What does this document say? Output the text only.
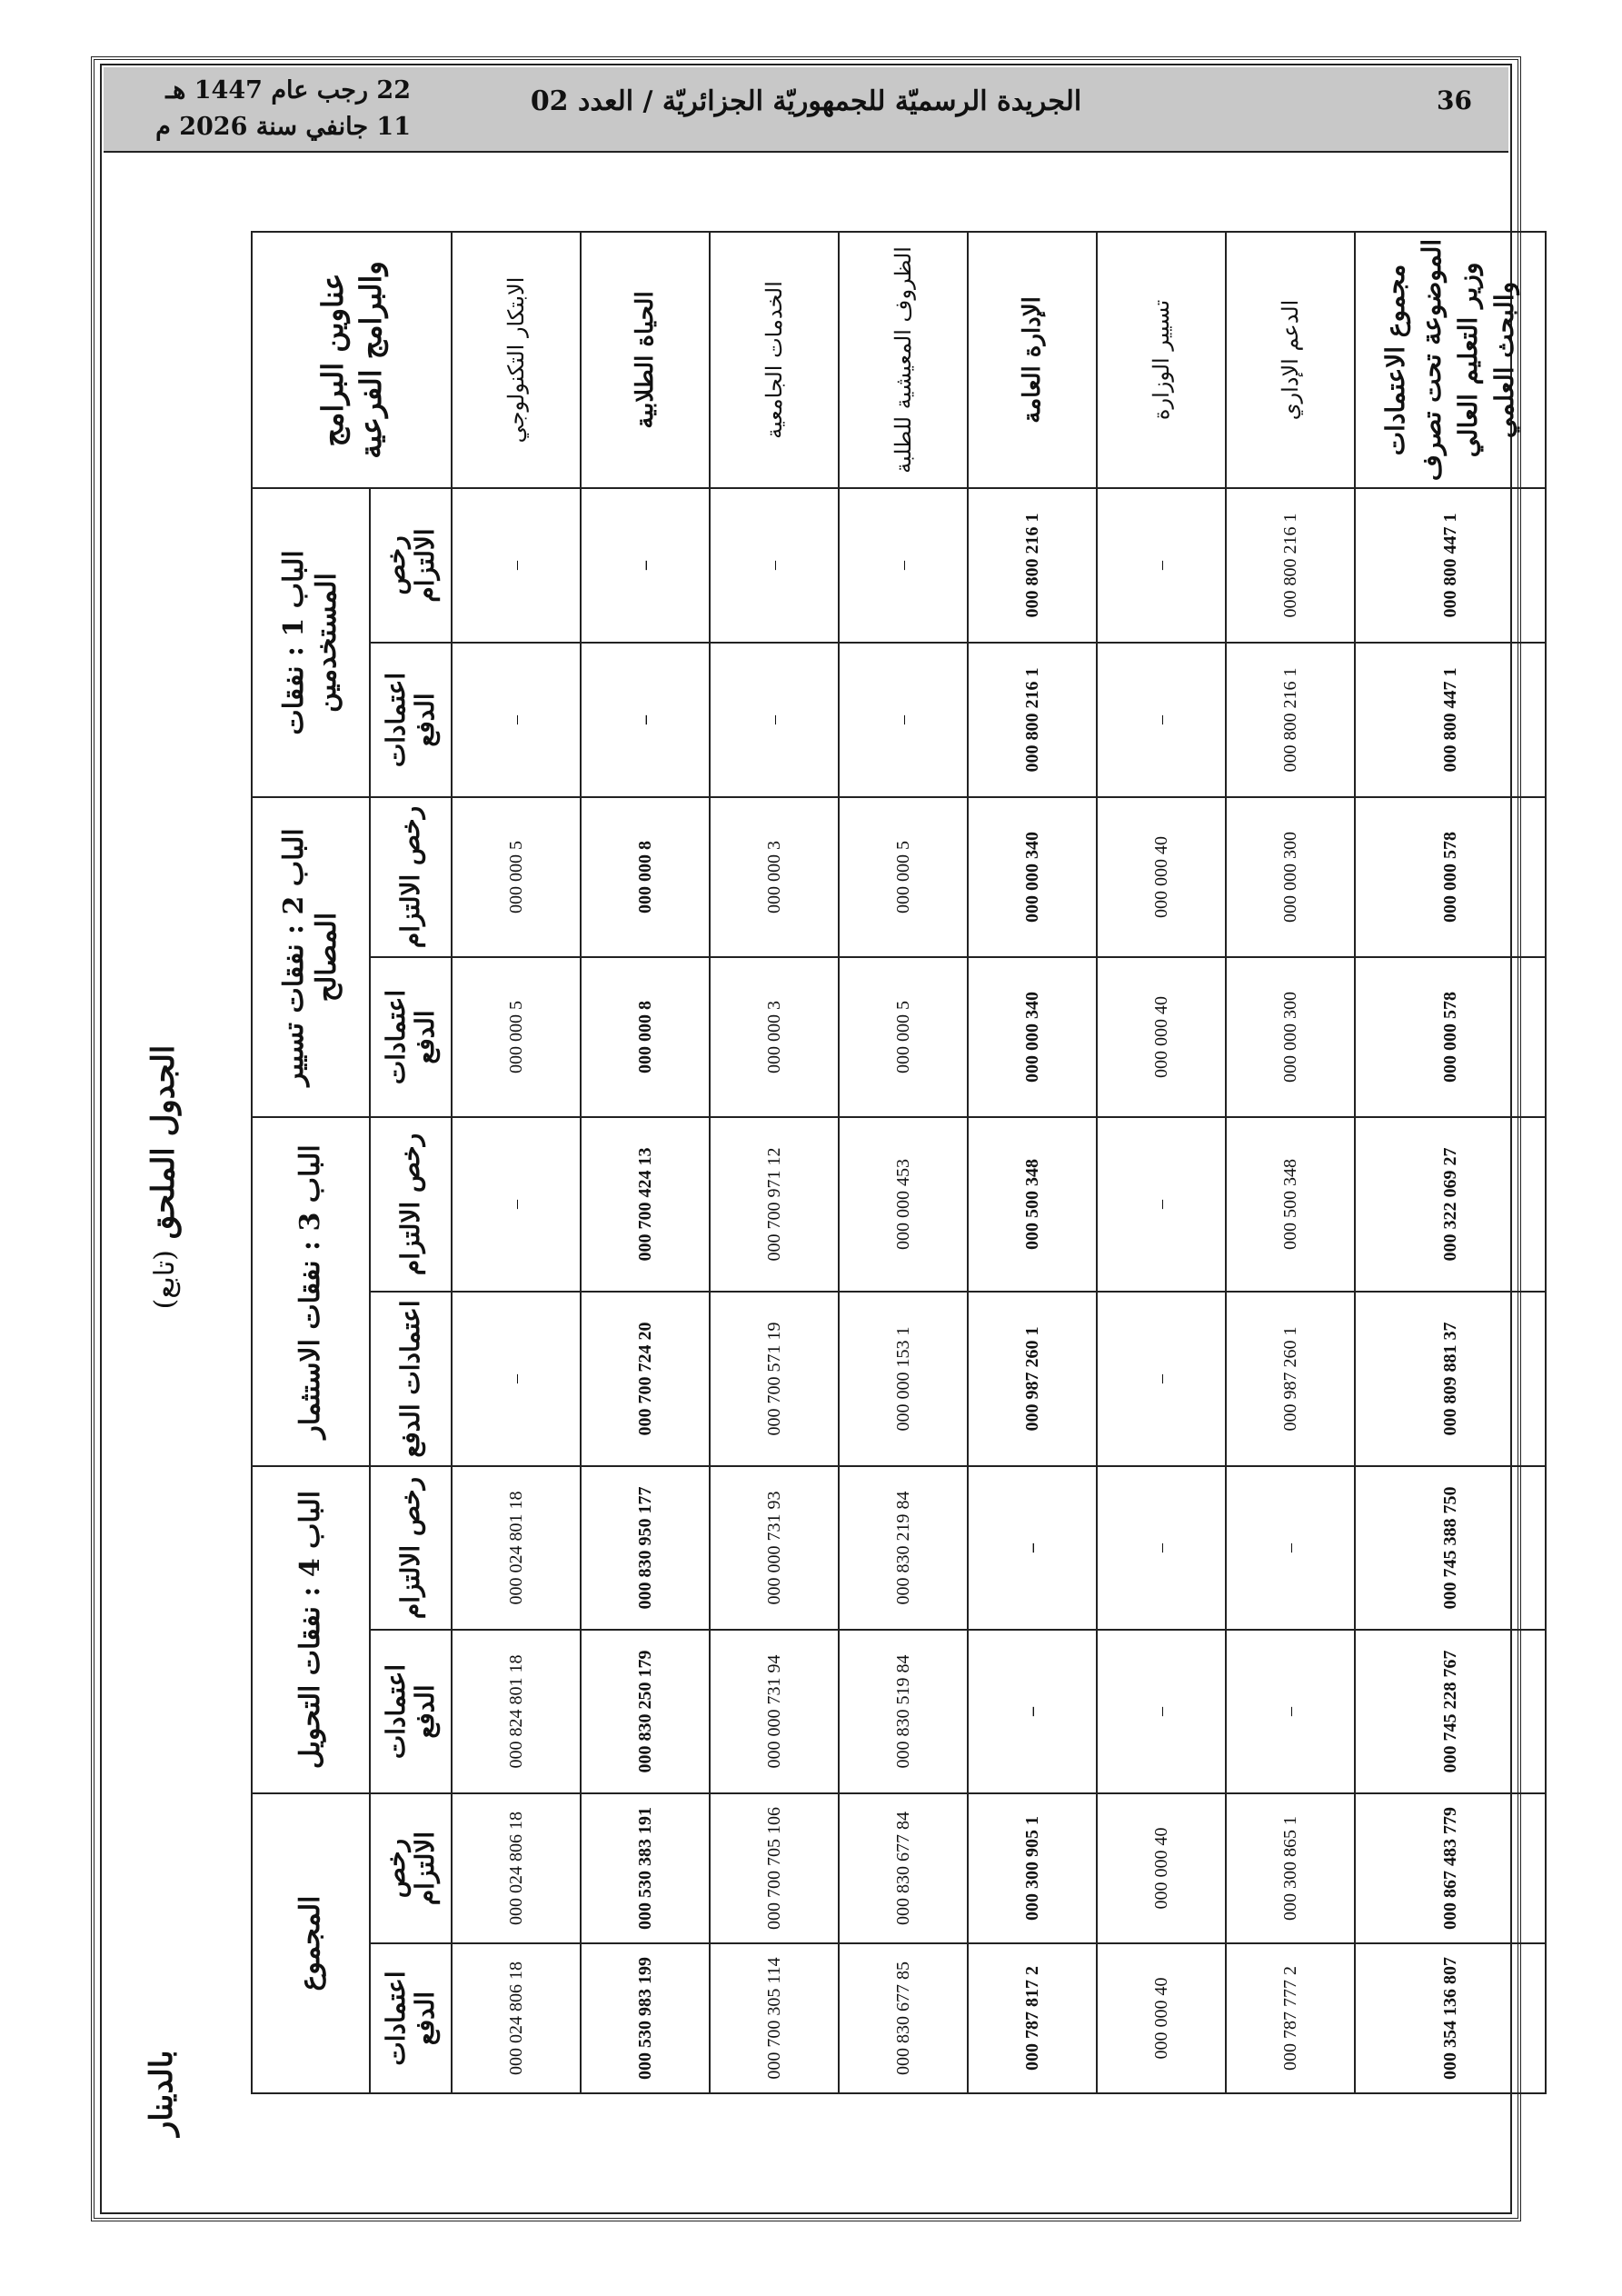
36
الجريدة الرسميّة للجمهوريّة الجزائريّة / العدد 02
22 رجب عام 1447 هـ
11 جانفي سنة 2026 م
الجدول الملحق (تابع)
بالدينار
عناوين البرامج والبرامج الفرعية	الباب 1 : نفقات المستخدمين		الباب 2 : نفقات تسيير المصالح		الباب 3 : نفقات الاستثمار		الباب 4 : نفقات التحويل		المجموع	
	رخص الالتزام	اعتمادات الدفع	رخص الالتزام	اعتمادات الدفع	رخص الالتزام	اعتمادات الدفع	رخص الالتزام	اعتمادات الدفع	رخص الالتزام	اعتمادات الدفع
الابتكار التكنولوجي	–	–	5 000 000	5 000 000	–	–	18 801 024 000	18 801 824 000	18 806 024 000	18 806 024 000
الحياة الطلابية	–	–	8 000 000	8 000 000	13 424 700 000	20 724 700 000	177 950 830 000	179 250 830 000	191 383 530 000	199 983 530 000
الخدمات الجامعية	–	–	3 000 000	3 000 000	12 971 700 000	19 571 700 000	93 731 000 000	94 731 000 000	106 705 700 000	114 305 700 000
الظروف المعيشية للطلبة	–	–	5 000 000	5 000 000	453 000 000	1 153 000 000	84 219 830 000	84 519 830 000	84 677 830 000	85 677 830 000
الإدارة العامة	1 216 800 000	1 216 800 000	340 000 000	340 000 000	348 500 000	1 260 987 000	–	–	1 905 300 000	2 817 787 000
تسيير الوزارة	–	–	40 000 000	40 000 000	–	–	–	–	40 000 000	40 000 000
الدعم الإداري	1 216 800 000	1 216 800 000	300 000 000	300 000 000	348 500 000	1 260 987 000	–	–	1 865 300 000	2 777 787 000
مجموع الاعتمادات الموضوعة تحت تصرف وزير التعليم العالي والبحث العلمي	1 447 800 000	1 447 800 000	578 000 000	578 000 000	27 069 322 000	37 881 809 000	750 388 745 000	767 228 745 000	779 483 867 000	807 136 354 000
